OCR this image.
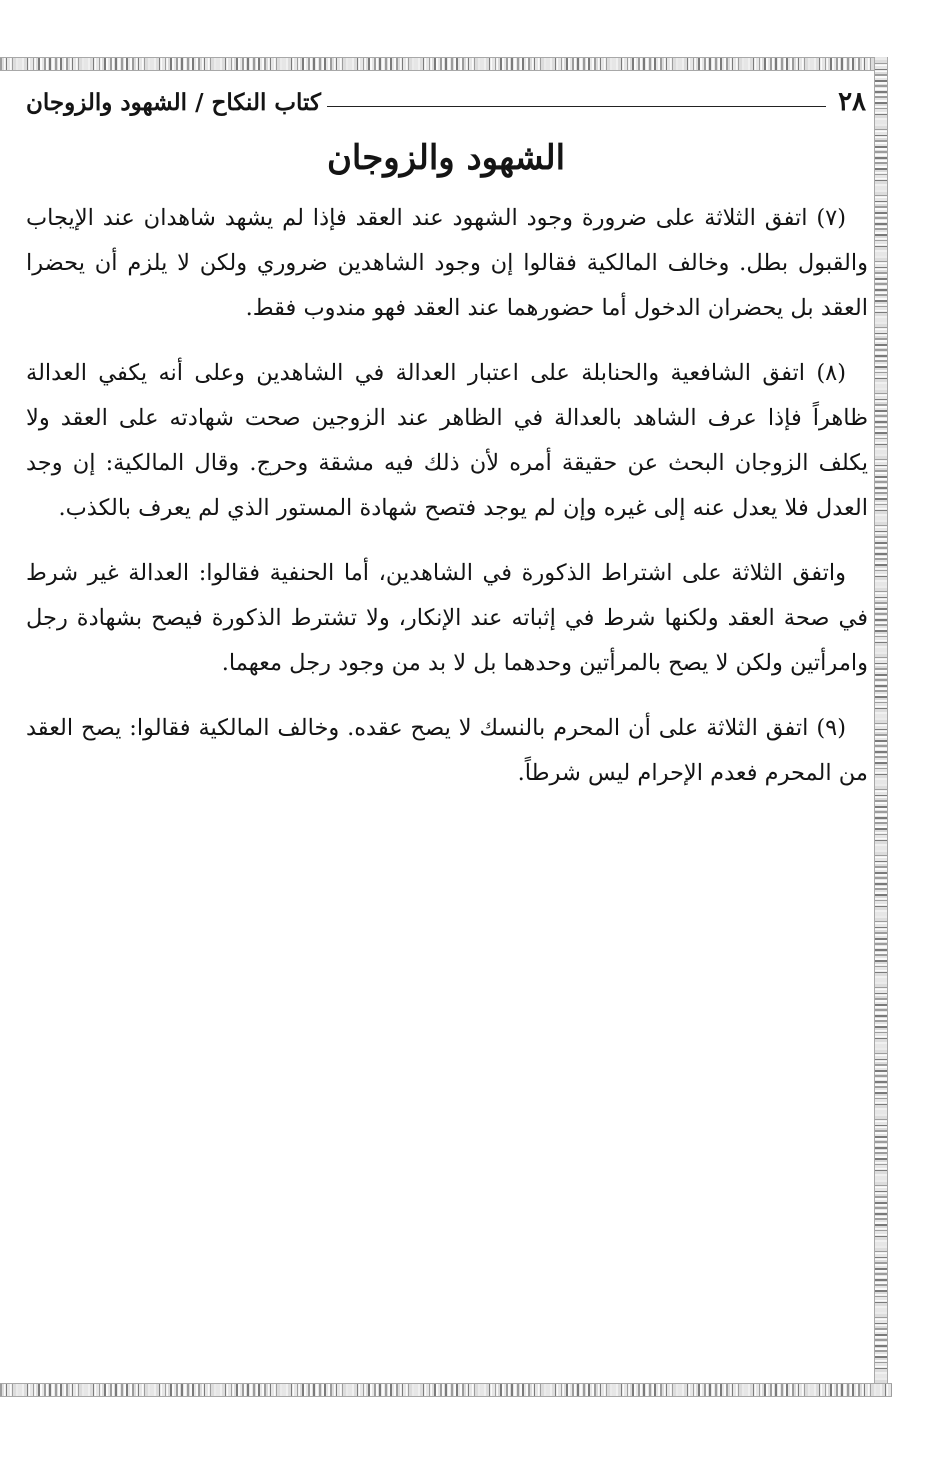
٢٨
كتاب النكاح / الشهود والزوجان
الشهود والزوجان

(٧) اتفق الثلاثة على ضرورة وجود الشهود عند العقد فإذا لم يشهد شاهدان عند الإيجاب والقبول بطل. وخالف المالكية فقالوا إن وجود الشاهدين ضروري ولكن لا يلزم أن يحضرا العقد بل يحضران الدخول أما حضورهما عند العقد فهو مندوب فقط.

(٨) اتفق الشافعية والحنابلة على اعتبار العدالة في الشاهدين وعلى أنه يكفي العدالة ظاهراً فإذا عرف الشاهد بالعدالة في الظاهر عند الزوجين صحت شهادته على العقد ولا يكلف الزوجان البحث عن حقيقة أمره لأن ذلك فيه مشقة وحرج. وقال المالكية: إن وجد العدل فلا يعدل عنه إلى غيره وإن لم يوجد فتصح شهادة المستور الذي لم يعرف بالكذب.

واتفق الثلاثة على اشتراط الذكورة في الشاهدين، أما الحنفية فقالوا: العدالة غير شرط في صحة العقد ولكنها شرط في إثباته عند الإنكار، ولا تشترط الذكورة فيصح بشهادة رجل وامرأتين ولكن لا يصح بالمرأتين وحدهما بل لا بد من وجود رجل معهما.

(٩) اتفق الثلاثة على أن المحرم بالنسك لا يصح عقده. وخالف المالكية فقالوا: يصح العقد من المحرم فعدم الإحرام ليس شرطاً.
